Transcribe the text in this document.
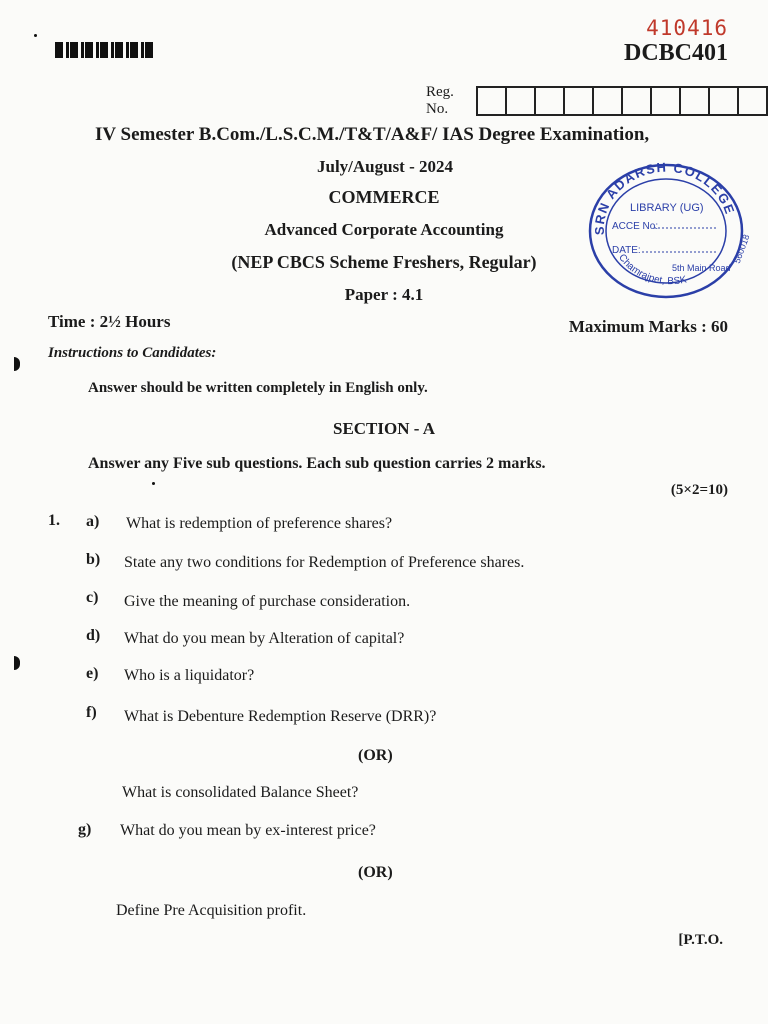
410416
DCBC401
Reg. No.
IV Semester B.Com./L.S.C.M./T&T/A&F/ IAS Degree Examination,
July/August - 2024
COMMERCE
Advanced Corporate Accounting
(NEP CBCS Scheme Freshers, Regular)
Paper : 4.1
SRN ADARSH COLLEGE
Chamrajpet, BSK
LIBRARY (UG)
ACCE No:
DATE:
5th Main Road
560018
Time : 2½ Hours	Maximum Marks : 60
Instructions to Candidates:
Answer should be written completely in English only.
SECTION - A
Answer any Five sub questions. Each sub question carries 2 marks.
(5×2=10)
1. a) What is redemption of preference shares?
b) State any two conditions for Redemption of Preference shares.
c) Give the meaning of purchase consideration.
d) What do you mean by Alteration of capital?
e) Who is a liquidator?
f) What is Debenture Redemption Reserve (DRR)?
(OR)
What is consolidated Balance Sheet?
g) What do you mean by ex-interest price?
(OR)
Define Pre Acquisition profit.
[P.T.O.
